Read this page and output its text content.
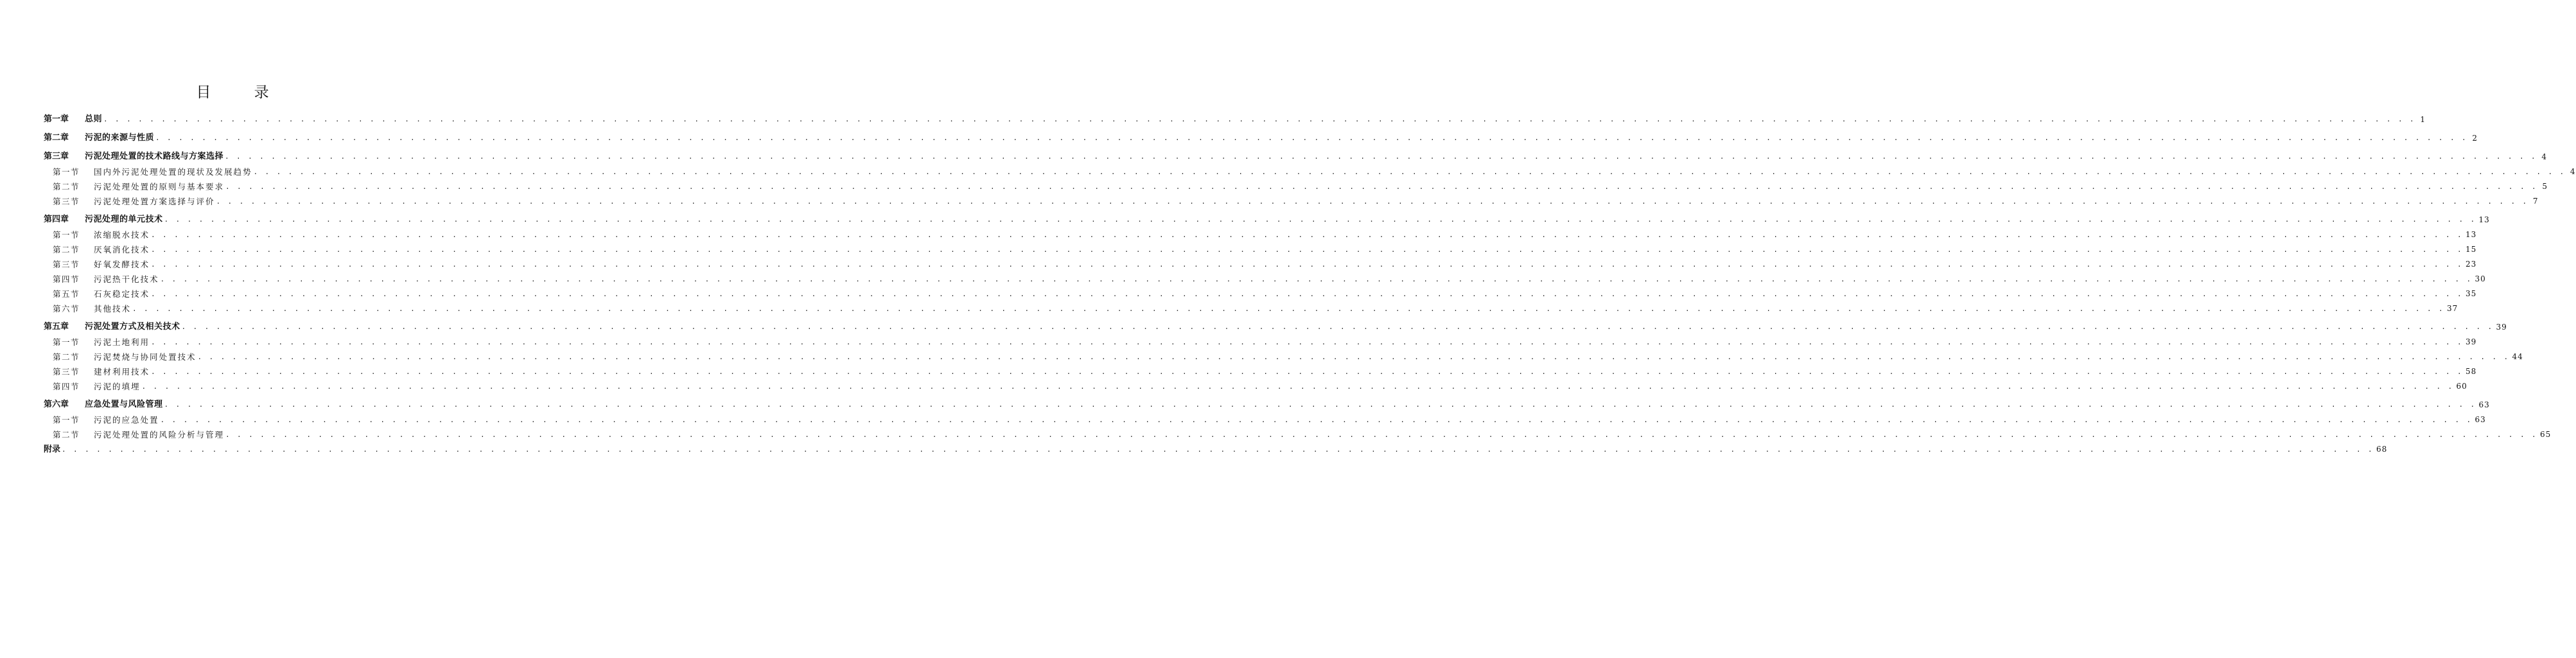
目 录
第一章	总则 . . . . . . . . . . . . . . . . . . . . . . . . . . . . . . . . . . . . . . . . . . . . . . . . . . . . . . . . . . . . . . . . . . . . . . . . . . . . . . . . . . . . . . . . . . . . . . . . . . . . . . . . . . . . . . . . . . . . . . . . . . . . . . . . . . . . . . . . . . . . . . . . . . . . . . . . . . . . . . . . . . . . . . . . . . . . . . . . . . . . . . . . . . . . . . . . . . . . . . . . 1
第二章	污泥的来源与性质 . . . . . . . . . . . . . . . . . . . . . . . . . . . . . . . . . . . . . . . . . . . . . . . . . . . . . . . . . . . . . . . . . . . . . . . . . . . . . . . . . . . . . . . . . . . . . . . . . . . . . . . . . . . . . . . . . . . . . . . . . . . . . . . . . . . . . . . . . . . . . . . . . . . . . . . . . . . . . . . . . . . . . . . . . . . . . . . . . . . . . . . . . . . . . . . . . . . . . . . . 2
第三章	污泥处理处置的技术路线与方案选择 . . . . . . . . . . . . . . . . . . . . . . . . . . . . . . . . . . . . . . . . . . . . . . . . . . . . . . . . . . . . . . . . . . . . . . . . . . . . . . . . . . . . . . . . . . . . . . . . . . . . . . . . . . . . . . . . . . . . . . . . . . . . . . . . . . . . . . . . . . . . . . . . . . . . . . . . . . . . . . . . . . . . . . . . . . . . . . . . . . . . . . . . . . . . . . . . . . . . . . . . 4
第一节	国内外污泥处理处置的现状及发展趋势 . . . . . . . . . . . . . . . . . . . . . . . . . . . . . . . . . . . . . . . . . . . . . . . . . . . . . . . . . . . . . . . . . . . . . . . . . . . . . . . . . . . . . . . . . . . . . . . . . . . . . . . . . . . . . . . . . . . . . . . . . . . . . . . . . . . . . . . . . . . . . . . . . . . . . . . . . . . . . . . . . . . . . . . . . . . . . . . . . . . . . . . . . . . . . . . . . . . . . . . . 4
第二节	污泥处理处置的原则与基本要求 . . . . . . . . . . . . . . . . . . . . . . . . . . . . . . . . . . . . . . . . . . . . . . . . . . . . . . . . . . . . . . . . . . . . . . . . . . . . . . . . . . . . . . . . . . . . . . . . . . . . . . . . . . . . . . . . . . . . . . . . . . . . . . . . . . . . . . . . . . . . . . . . . . . . . . . . . . . . . . . . . . . . . . . . . . . . . . . . . . . . . . . . . . . . . . . . . . . . . . . . 5
第三节	污泥处理处置方案选择与评价 . . . . . . . . . . . . . . . . . . . . . . . . . . . . . . . . . . . . . . . . . . . . . . . . . . . . . . . . . . . . . . . . . . . . . . . . . . . . . . . . . . . . . . . . . . . . . . . . . . . . . . . . . . . . . . . . . . . . . . . . . . . . . . . . . . . . . . . . . . . . . . . . . . . . . . . . . . . . . . . . . . . . . . . . . . . . . . . . . . . . . . . . . . . . . . . . . . . . . . . . 7
第四章	污泥处理的单元技术 . . . . . . . . . . . . . . . . . . . . . . . . . . . . . . . . . . . . . . . . . . . . . . . . . . . . . . . . . . . . . . . . . . . . . . . . . . . . . . . . . . . . . . . . . . . . . . . . . . . . . . . . . . . . . . . . . . . . . . . . . . . . . . . . . . . . . . . . . . . . . . . . . . . . . . . . . . . . . . . . . . . . . . . . . . . . . . . . . . . . . . . . . . . . . . . . . . . . . . . . 13
第一节	浓缩脱水技术 . . . . . . . . . . . . . . . . . . . . . . . . . . . . . . . . . . . . . . . . . . . . . . . . . . . . . . . . . . . . . . . . . . . . . . . . . . . . . . . . . . . . . . . . . . . . . . . . . . . . . . . . . . . . . . . . . . . . . . . . . . . . . . . . . . . . . . . . . . . . . . . . . . . . . . . . . . . . . . . . . . . . . . . . . . . . . . . . . . . . . . . . . . . . . . . . . . . . . . . . 13
第二节	厌氧消化技术 . . . . . . . . . . . . . . . . . . . . . . . . . . . . . . . . . . . . . . . . . . . . . . . . . . . . . . . . . . . . . . . . . . . . . . . . . . . . . . . . . . . . . . . . . . . . . . . . . . . . . . . . . . . . . . . . . . . . . . . . . . . . . . . . . . . . . . . . . . . . . . . . . . . . . . . . . . . . . . . . . . . . . . . . . . . . . . . . . . . . . . . . . . . . . . . . . . . . . . . . 15
第三节	好氧发酵技术 . . . . . . . . . . . . . . . . . . . . . . . . . . . . . . . . . . . . . . . . . . . . . . . . . . . . . . . . . . . . . . . . . . . . . . . . . . . . . . . . . . . . . . . . . . . . . . . . . . . . . . . . . . . . . . . . . . . . . . . . . . . . . . . . . . . . . . . . . . . . . . . . . . . . . . . . . . . . . . . . . . . . . . . . . . . . . . . . . . . . . . . . . . . . . . . . . . . . . . . . 23
第四节	污泥热干化技术 . . . . . . . . . . . . . . . . . . . . . . . . . . . . . . . . . . . . . . . . . . . . . . . . . . . . . . . . . . . . . . . . . . . . . . . . . . . . . . . . . . . . . . . . . . . . . . . . . . . . . . . . . . . . . . . . . . . . . . . . . . . . . . . . . . . . . . . . . . . . . . . . . . . . . . . . . . . . . . . . . . . . . . . . . . . . . . . . . . . . . . . . . . . . . . . . . . . . . . . . 30
第五节	石灰稳定技术 . . . . . . . . . . . . . . . . . . . . . . . . . . . . . . . . . . . . . . . . . . . . . . . . . . . . . . . . . . . . . . . . . . . . . . . . . . . . . . . . . . . . . . . . . . . . . . . . . . . . . . . . . . . . . . . . . . . . . . . . . . . . . . . . . . . . . . . . . . . . . . . . . . . . . . . . . . . . . . . . . . . . . . . . . . . . . . . . . . . . . . . . . . . . . . . . . . . . . . . . 35
第六节	其他技术 . . . . . . . . . . . . . . . . . . . . . . . . . . . . . . . . . . . . . . . . . . . . . . . . . . . . . . . . . . . . . . . . . . . . . . . . . . . . . . . . . . . . . . . . . . . . . . . . . . . . . . . . . . . . . . . . . . . . . . . . . . . . . . . . . . . . . . . . . . . . . . . . . . . . . . . . . . . . . . . . . . . . . . . . . . . . . . . . . . . . . . . . . . . . . . . . . . . . . . . . 37
第五章	污泥处置方式及相关技术 . . . . . . . . . . . . . . . . . . . . . . . . . . . . . . . . . . . . . . . . . . . . . . . . . . . . . . . . . . . . . . . . . . . . . . . . . . . . . . . . . . . . . . . . . . . . . . . . . . . . . . . . . . . . . . . . . . . . . . . . . . . . . . . . . . . . . . . . . . . . . . . . . . . . . . . . . . . . . . . . . . . . . . . . . . . . . . . . . . . . . . . . . . . . . . . . . . . . . . . . 39
第一节	污泥土地利用 . . . . . . . . . . . . . . . . . . . . . . . . . . . . . . . . . . . . . . . . . . . . . . . . . . . . . . . . . . . . . . . . . . . . . . . . . . . . . . . . . . . . . . . . . . . . . . . . . . . . . . . . . . . . . . . . . . . . . . . . . . . . . . . . . . . . . . . . . . . . . . . . . . . . . . . . . . . . . . . . . . . . . . . . . . . . . . . . . . . . . . . . . . . . . . . . . . . . . . . . 39
第二节	污泥焚烧与协同处置技术 . . . . . . . . . . . . . . . . . . . . . . . . . . . . . . . . . . . . . . . . . . . . . . . . . . . . . . . . . . . . . . . . . . . . . . . . . . . . . . . . . . . . . . . . . . . . . . . . . . . . . . . . . . . . . . . . . . . . . . . . . . . . . . . . . . . . . . . . . . . . . . . . . . . . . . . . . . . . . . . . . . . . . . . . . . . . . . . . . . . . . . . . . . . . . . . . . . . . . . . . 44
第三节	建材利用技术 . . . . . . . . . . . . . . . . . . . . . . . . . . . . . . . . . . . . . . . . . . . . . . . . . . . . . . . . . . . . . . . . . . . . . . . . . . . . . . . . . . . . . . . . . . . . . . . . . . . . . . . . . . . . . . . . . . . . . . . . . . . . . . . . . . . . . . . . . . . . . . . . . . . . . . . . . . . . . . . . . . . . . . . . . . . . . . . . . . . . . . . . . . . . . . . . . . . . . . . . 58
第四节	污泥的填埋 . . . . . . . . . . . . . . . . . . . . . . . . . . . . . . . . . . . . . . . . . . . . . . . . . . . . . . . . . . . . . . . . . . . . . . . . . . . . . . . . . . . . . . . . . . . . . . . . . . . . . . . . . . . . . . . . . . . . . . . . . . . . . . . . . . . . . . . . . . . . . . . . . . . . . . . . . . . . . . . . . . . . . . . . . . . . . . . . . . . . . . . . . . . . . . . . . . . . . . . . 60
第六章	应急处置与风险管理 . . . . . . . . . . . . . . . . . . . . . . . . . . . . . . . . . . . . . . . . . . . . . . . . . . . . . . . . . . . . . . . . . . . . . . . . . . . . . . . . . . . . . . . . . . . . . . . . . . . . . . . . . . . . . . . . . . . . . . . . . . . . . . . . . . . . . . . . . . . . . . . . . . . . . . . . . . . . . . . . . . . . . . . . . . . . . . . . . . . . . . . . . . . . . . . . . . . . . . . . 63
第一节	污泥的应急处置 . . . . . . . . . . . . . . . . . . . . . . . . . . . . . . . . . . . . . . . . . . . . . . . . . . . . . . . . . . . . . . . . . . . . . . . . . . . . . . . . . . . . . . . . . . . . . . . . . . . . . . . . . . . . . . . . . . . . . . . . . . . . . . . . . . . . . . . . . . . . . . . . . . . . . . . . . . . . . . . . . . . . . . . . . . . . . . . . . . . . . . . . . . . . . . . . . . . . . . . . 63
第二节	污泥处理处置的风险分析与管理 . . . . . . . . . . . . . . . . . . . . . . . . . . . . . . . . . . . . . . . . . . . . . . . . . . . . . . . . . . . . . . . . . . . . . . . . . . . . . . . . . . . . . . . . . . . . . . . . . . . . . . . . . . . . . . . . . . . . . . . . . . . . . . . . . . . . . . . . . . . . . . . . . . . . . . . . . . . . . . . . . . . . . . . . . . . . . . . . . . . . . . . . . . . . . . . . . . . . . . . . 65
附录 . . . . . . . . . . . . . . . . . . . . . . . . . . . . . . . . . . . . . . . . . . . . . . . . . . . . . . . . . . . . . . . . . . . . . . . . . . . . . . . . . . . . . . . . . . . . . . . . . . . . . . . . . . . . . . . . . . . . . . . . . . . . . . . . . . . . . . . . . . . . . . . . . . . . . . . . . . . . . . . . . . . . . . . . . . . . . . . . . . . . . . . . . . . . . . . . . . . . . . . . 68
